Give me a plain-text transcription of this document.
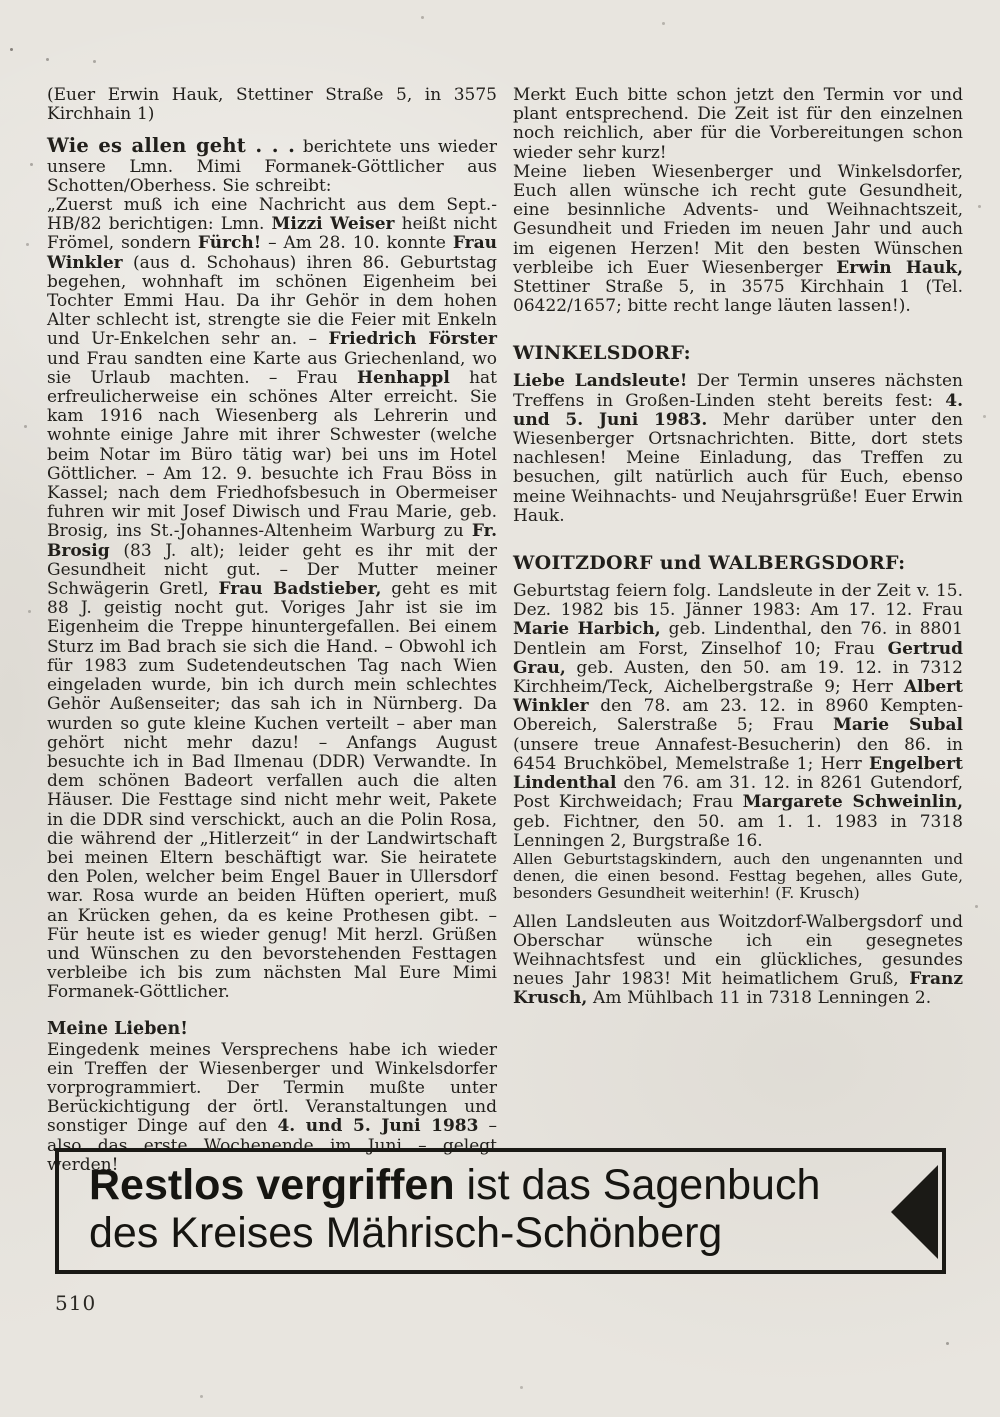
(Euer Erwin Hauk, Stettiner Straße 5, in 3575 Kirchhain 1)

Wie es allen geht . . . berichtete uns wieder unsere Lmn. Mimi Formanek-Göttlicher aus Schotten/Oberhess. Sie schreibt:

„Zuerst muß ich eine Nachricht aus dem Sept.-HB/82 berichtigen: Lmn. Mizzi Weiser heißt nicht Frömel, sondern Fürch! – Am 28. 10. konnte Frau Winkler (aus d. Schohaus) ihren 86. Geburtstag begehen, wohnhaft im schönen Eigenheim bei Tochter Emmi Hau. Da ihr Gehör in dem hohen Alter schlecht ist, strengte sie die Feier mit Enkeln und Ur-Enkelchen sehr an. – Friedrich Förster und Frau sandten eine Karte aus Griechenland, wo sie Urlaub machten. – Frau Henhappl hat erfreulicherweise ein schönes Alter erreicht. Sie kam 1916 nach Wiesenberg als Lehrerin und wohnte einige Jahre mit ihrer Schwester (welche beim Notar im Büro tätig war) bei uns im Hotel Göttlicher. – Am 12. 9. besuchte ich Frau Böss in Kassel; nach dem Friedhofsbesuch in Obermeiser fuhren wir mit Josef Diwisch und Frau Marie, geb. Brosig, ins St.-Johannes-Altenheim Warburg zu Fr. Brosig (83 J. alt); leider geht es ihr mit der Gesundheit nicht gut. – Der Mutter meiner Schwägerin Gretl, Frau Badstieber, geht es mit 88 J. geistig nocht gut. Voriges Jahr ist sie im Eigenheim die Treppe hinuntergefallen. Bei einem Sturz im Bad brach sie sich die Hand. – Obwohl ich für 1983 zum Sudetendeutschen Tag nach Wien eingeladen wurde, bin ich durch mein schlechtes Gehör Außenseiter; das sah ich in Nürnberg. Da wurden so gute kleine Kuchen verteilt – aber man gehört nicht mehr dazu! – Anfangs August besuchte ich in Bad Ilmenau (DDR) Verwandte. In dem schönen Badeort verfallen auch die alten Häuser. Die Festtage sind nicht mehr weit, Pakete in die DDR sind verschickt, auch an die Polin Rosa, die während der „Hitlerzeit“ in der Landwirtschaft bei meinen Eltern beschäftigt war. Sie heiratete den Polen, welcher beim Engel Bauer in Ullersdorf war. Rosa wurde an beiden Hüften operiert, muß an Krücken gehen, da es keine Prothesen gibt. – Für heute ist es wieder genug! Mit herzl. Grüßen und Wünschen zu den bevorstehenden Festtagen verbleibe ich bis zum nächsten Mal Eure Mimi Formanek-Göttlicher.

Meine Lieben!

Eingedenk meines Versprechens habe ich wieder ein Treffen der Wiesenberger und Winkelsdorfer vorprogrammiert. Der Termin mußte unter Berückichtigung der örtl. Veranstaltungen und sonstiger Dinge auf den 4. und 5. Juni 1983 – also das erste Wochenende im Juni – gelegt werden!

Merkt Euch bitte schon jetzt den Termin vor und plant entsprechend. Die Zeit ist für den einzelnen noch reichlich, aber für die Vorbereitungen schon wieder sehr kurz!

Meine lieben Wiesenberger und Winkelsdorfer, Euch allen wünsche ich recht gute Gesundheit, eine besinnliche Advents- und Weihnachtszeit, Gesundheit und Frieden im neuen Jahr und auch im eigenen Herzen! Mit den besten Wünschen verbleibe ich Euer Wiesenberger Erwin Hauk, Stettiner Straße 5, in 3575 Kirchhain 1 (Tel. 06422/1657; bitte recht lange läuten lassen!).

WINKELSDORF:

Liebe Landsleute! Der Termin unseres nächsten Treffens in Großen-Linden steht bereits fest: 4. und 5. Juni 1983. Mehr darüber unter den Wiesenberger Ortsnachrichten. Bitte, dort stets nachlesen! Meine Einladung, das Treffen zu besuchen, gilt natürlich auch für Euch, ebenso meine Weihnachts- und Neujahrsgrüße! Euer Erwin Hauk.

WOITZDORF und WALBERGSDORF:

Geburtstag feiern folg. Landsleute in der Zeit v. 15. Dez. 1982 bis 15. Jänner 1983: Am 17. 12. Frau Marie Harbich, geb. Lindenthal, den 76. in 8801 Dentlein am Forst, Zinselhof 10; Frau Gertrud Grau, geb. Austen, den 50. am 19. 12. in 7312 Kirchheim/Teck, Aichelbergstraße 9; Herr Albert Winkler den 78. am 23. 12. in 8960 Kempten-Obereich, Salerstraße 5; Frau Marie Subal (unsere treue Annafest-Besucherin) den 86. in 6454 Bruchköbel, Memelstraße 1; Herr Engelbert Lindenthal den 76. am 31. 12. in 8261 Gutendorf, Post Kirchweidach; Frau Margarete Schweinlin, geb. Fichtner, den 50. am 1. 1. 1983 in 7318 Lenningen 2, Burgstraße 16.

Allen Geburtstagskindern, auch den ungenannten und denen, die einen besond. Festtag begehen, alles Gute, besonders Gesundheit weiterhin! (F. Krusch)

Allen Landsleuten aus Woitzdorf-Walbergsdorf und Oberschar wünsche ich ein gesegnetes Weihnachtsfest und ein glückliches, gesundes neues Jahr 1983! Mit heimatlichem Gruß, Franz Krusch, Am Mühlbach 11 in 7318 Lenningen 2.

Restlos vergriffen ist das Sagenbuch
des Kreises Mährisch-Schönberg
510
